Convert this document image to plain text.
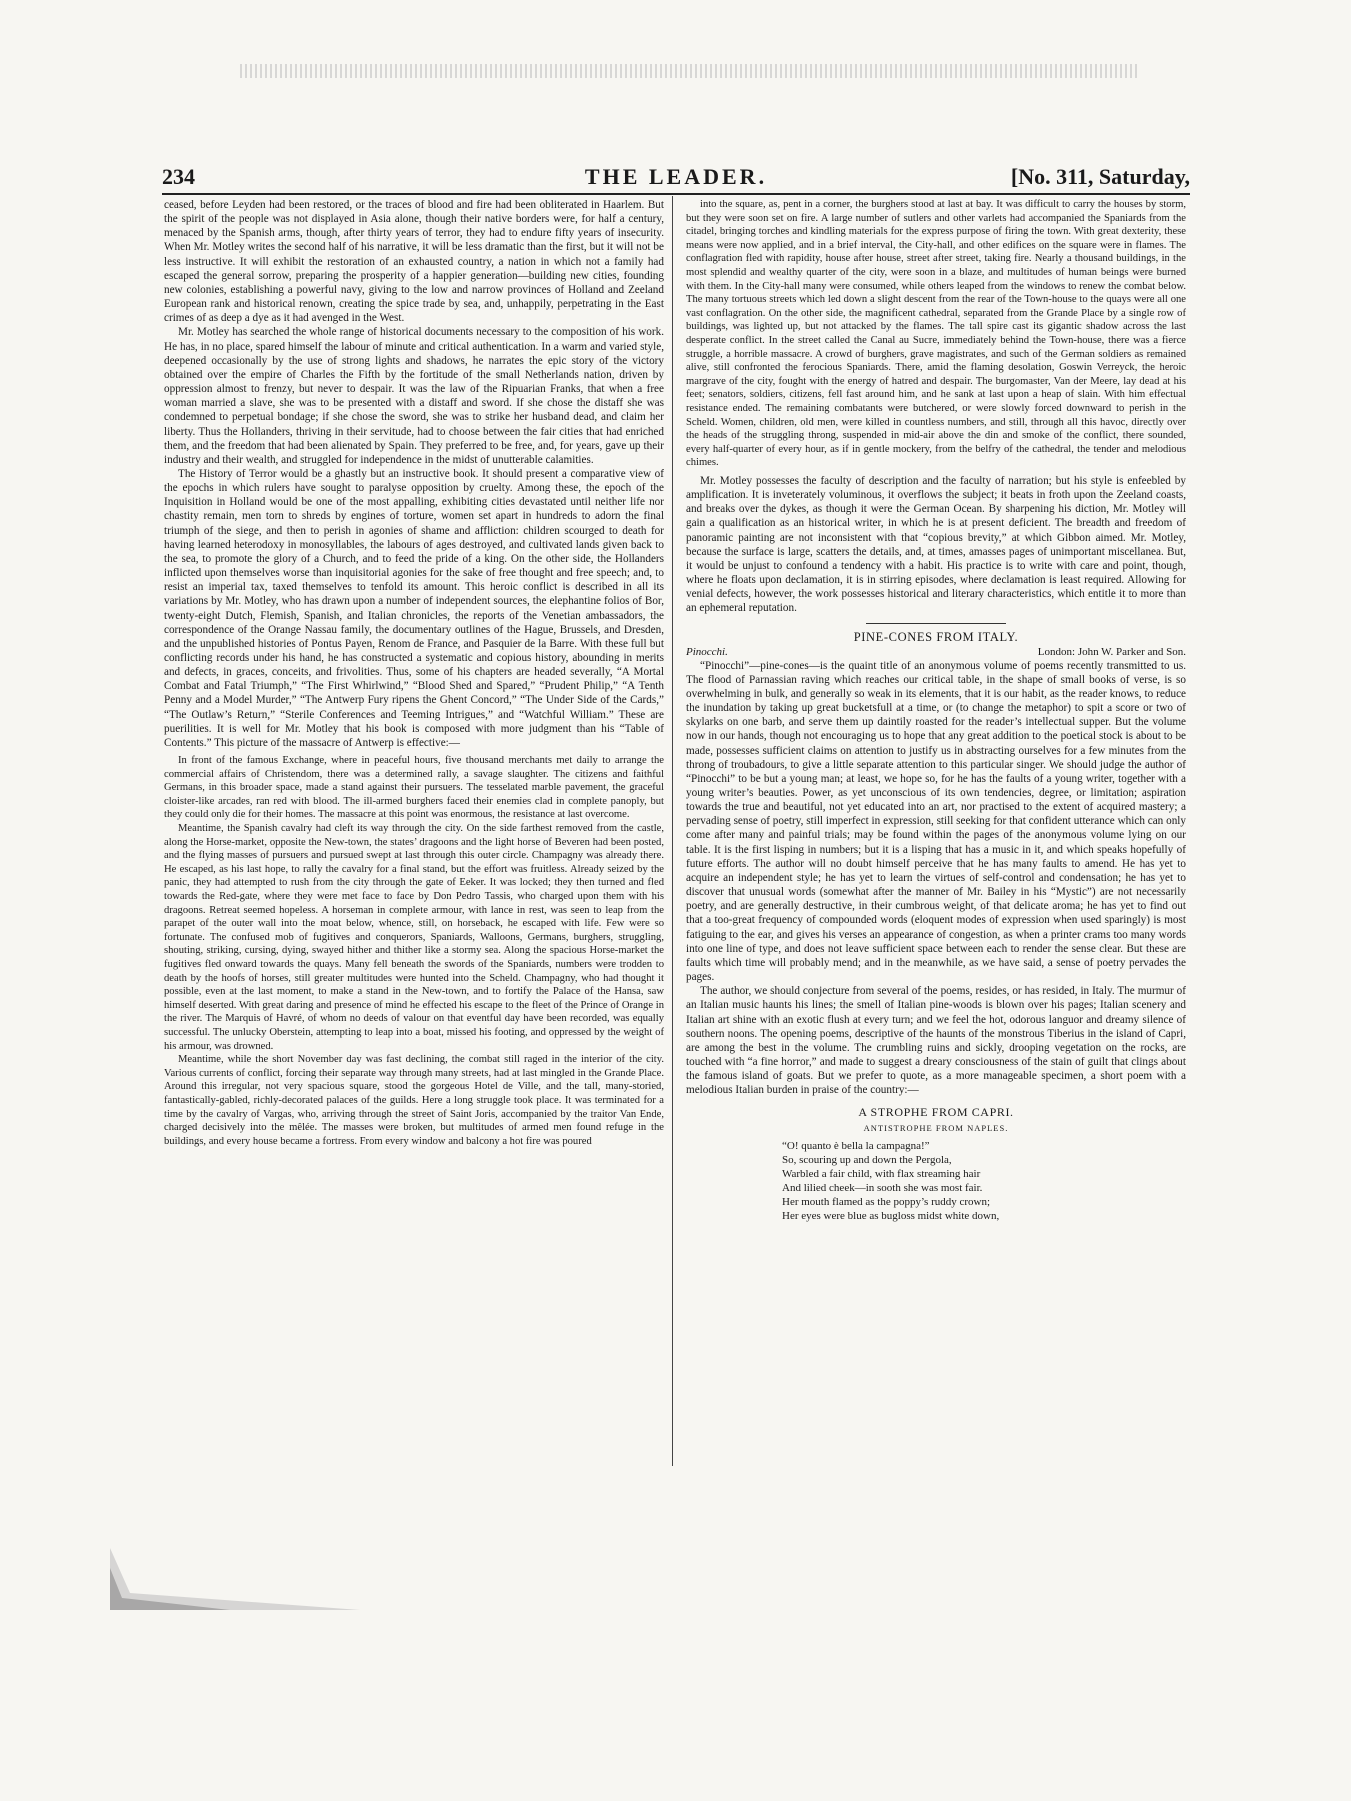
234	THE LEADER.	[No. 311, Saturday,

ceased, before Leyden had been restored, or the traces of blood and fire had been obliterated in Haarlem. But the spirit of the people was not displayed in Asia alone, though their native borders were, for half a century, menaced by the Spanish arms, though, after thirty years of terror, they had to endure fifty years of insecurity. When Mr. Motley writes the second half of his narrative, it will be less dramatic than the first, but it will not be less instructive. It will exhibit the restoration of an exhausted country, a nation in which not a family had escaped the general sorrow, preparing the prosperity of a happier generation—building new cities, founding new colonies, establishing a powerful navy, giving to the low and narrow provinces of Holland and Zeeland European rank and historical renown, creating the spice trade by sea, and, unhappily, perpetrating in the East crimes of as deep a dye as it had avenged in the West.

Mr. Motley has searched the whole range of historical documents necessary to the composition of his work. He has, in no place, spared himself the labour of minute and critical authentication. In a warm and varied style, deepened occasionally by the use of strong lights and shadows, he narrates the epic story of the victory obtained over the empire of Charles the Fifth by the fortitude of the small Netherlands nation, driven by oppression almost to frenzy, but never to despair. It was the law of the Ripuarian Franks, that when a free woman married a slave, she was to be presented with a distaff and sword. If she chose the distaff she was condemned to perpetual bondage; if she chose the sword, she was to strike her husband dead, and claim her liberty. Thus the Hollanders, thriving in their servitude, had to choose between the fair cities that had enriched them, and the freedom that had been alienated by Spain. They preferred to be free, and, for years, gave up their industry and their wealth, and struggled for independence in the midst of unutterable calamities.

The History of Terror would be a ghastly but an instructive book. It should present a comparative view of the epochs in which rulers have sought to paralyse opposition by cruelty. Among these, the epoch of the Inquisition in Holland would be one of the most appalling, exhibiting cities devastated until neither life nor chastity remain, men torn to shreds by engines of torture, women set apart in hundreds to adorn the final triumph of the siege, and then to perish in agonies of shame and affliction: children scourged to death for having learned heterodoxy in monosyllables, the labours of ages destroyed, and cultivated lands given back to the sea, to promote the glory of a Church, and to feed the pride of a king. On the other side, the Hollanders inflicted upon themselves worse than inquisitorial agonies for the sake of free thought and free speech; and, to resist an imperial tax, taxed themselves to tenfold its amount. This heroic conflict is described in all its variations by Mr. Motley, who has drawn upon a number of independent sources, the elephantine folios of Bor, twenty-eight Dutch, Flemish, Spanish, and Italian chronicles, the reports of the Venetian ambassadors, the correspondence of the Orange Nassau family, the documentary outlines of the Hague, Brussels, and Dresden, and the unpublished histories of Pontus Payen, Renom de France, and Pasquier de la Barre. With these full but conflicting records under his hand, he has constructed a systematic and copious history, abounding in merits and defects, in graces, conceits, and frivolities. Thus, some of his chapters are headed severally, “A Mortal Combat and Fatal Triumph,” “The First Whirlwind,” “Blood Shed and Spared,” “Prudent Philip,” “A Tenth Penny and a Model Murder,” “The Antwerp Fury ripens the Ghent Concord,” “The Under Side of the Cards,” “The Outlaw’s Return,” “Sterile Conferences and Teeming Intrigues,” and “Watchful William.” These are puerilities. It is well for Mr. Motley that his book is composed with more judgment than his “Table of Contents.” This picture of the massacre of Antwerp is effective:—

In front of the famous Exchange, where in peaceful hours, five thousand merchants met daily to arrange the commercial affairs of Christendom, there was a determined rally, a savage slaughter. The citizens and faithful Germans, in this broader space, made a stand against their pursuers. The tesselated marble pavement, the graceful cloister-like arcades, ran red with blood. The ill-armed burghers faced their enemies clad in complete panoply, but they could only die for their homes. The massacre at this point was enormous, the resistance at last overcome.

Meantime, the Spanish cavalry had cleft its way through the city. On the side farthest removed from the castle, along the Horse-market, opposite the New-town, the states’ dragoons and the light horse of Beveren had been posted, and the flying masses of pursuers and pursued swept at last through this outer circle. Champagny was already there. He escaped, as his last hope, to rally the cavalry for a final stand, but the effort was fruitless. Already seized by the panic, they had attempted to rush from the city through the gate of Eeker. It was locked; they then turned and fled towards the Red-gate, where they were met face to face by Don Pedro Tassis, who charged upon them with his dragoons. Retreat seemed hopeless. A horseman in complete armour, with lance in rest, was seen to leap from the parapet of the outer wall into the moat below, whence, still, on horseback, he escaped with life. Few were so fortunate. The confused mob of fugitives and conquerors, Spaniards, Walloons, Germans, burghers, struggling, shouting, striking, cursing, dying, swayed hither and thither like a stormy sea. Along the spacious Horse-market the fugitives fled onward towards the quays. Many fell beneath the swords of the Spaniards, numbers were trodden to death by the hoofs of horses, still greater multitudes were hunted into the Scheld. Champagny, who had thought it possible, even at the last moment, to make a stand in the New-town, and to fortify the Palace of the Hansa, saw himself deserted. With great daring and presence of mind he effected his escape to the fleet of the Prince of Orange in the river. The Marquis of Havré, of whom no deeds of valour on that eventful day have been recorded, was equally successful. The unlucky Oberstein, attempting to leap into a boat, missed his footing, and oppressed by the weight of his armour, was drowned.

Meantime, while the short November day was fast declining, the combat still raged in the interior of the city. Various currents of conflict, forcing their separate way through many streets, had at last mingled in the Grande Place. Around this irregular, not very spacious square, stood the gorgeous Hotel de Ville, and the tall, many-storied, fantastically-gabled, richly-decorated palaces of the guilds. Here a long struggle took place. It was terminated for a time by the cavalry of Vargas, who, arriving through the street of Saint Joris, accompanied by the traitor Van Ende, charged decisively into the mêlée. The masses were broken, but multitudes of armed men found refuge in the buildings, and every house became a fortress. From every window and balcony a hot fire was poured

into the square, as, pent in a corner, the burghers stood at last at bay. It was difficult to carry the houses by storm, but they were soon set on fire. A large number of sutlers and other varlets had accompanied the Spaniards from the citadel, bringing torches and kindling materials for the express purpose of firing the town. With great dexterity, these means were now applied, and in a brief interval, the City-hall, and other edifices on the square were in flames. The conflagration fled with rapidity, house after house, street after street, taking fire. Nearly a thousand buildings, in the most splendid and wealthy quarter of the city, were soon in a blaze, and multitudes of human beings were burned with them. In the City-hall many were consumed, while others leaped from the windows to renew the combat below. The many tortuous streets which led down a slight descent from the rear of the Town-house to the quays were all one vast conflagration. On the other side, the magnificent cathedral, separated from the Grande Place by a single row of buildings, was lighted up, but not attacked by the flames. The tall spire cast its gigantic shadow across the last desperate conflict. In the street called the Canal au Sucre, immediately behind the Town-house, there was a fierce struggle, a horrible massacre. A crowd of burghers, grave magistrates, and such of the German soldiers as remained alive, still confronted the ferocious Spaniards. There, amid the flaming desolation, Goswin Verreyck, the heroic margrave of the city, fought with the energy of hatred and despair. The burgomaster, Van der Meere, lay dead at his feet; senators, soldiers, citizens, fell fast around him, and he sank at last upon a heap of slain. With him effectual resistance ended. The remaining combatants were butchered, or were slowly forced downward to perish in the Scheld. Women, children, old men, were killed in countless numbers, and still, through all this havoc, directly over the heads of the struggling throng, suspended in mid-air above the din and smoke of the conflict, there sounded, every half-quarter of every hour, as if in gentle mockery, from the belfry of the cathedral, the tender and melodious chimes.

Mr. Motley possesses the faculty of description and the faculty of narration; but his style is enfeebled by amplification. It is inveterately voluminous, it overflows the subject; it beats in froth upon the Zeeland coasts, and breaks over the dykes, as though it were the German Ocean. By sharpening his diction, Mr. Motley will gain a qualification as an historical writer, in which he is at present deficient. The breadth and freedom of panoramic painting are not inconsistent with that “copious brevity,” at which Gibbon aimed. Mr. Motley, because the surface is large, scatters the details, and, at times, amasses pages of unimportant miscellanea. But, it would be unjust to confound a tendency with a habit. His practice is to write with care and point, though, where he floats upon declamation, it is in stirring episodes, where declamation is least required. Allowing for venial defects, however, the work possesses historical and literary characteristics, which entitle it to more than an ephemeral reputation.

PINE-CONES FROM ITALY.
Pinocchi.	London: John W. Parker and Son.

“Pinocchi”—pine-cones—is the quaint title of an anonymous volume of poems recently transmitted to us. The flood of Parnassian raving which reaches our critical table, in the shape of small books of verse, is so overwhelming in bulk, and generally so weak in its elements, that it is our habit, as the reader knows, to reduce the inundation by taking up great bucketsfull at a time, or (to change the metaphor) to spit a score or two of skylarks on one barb, and serve them up daintily roasted for the reader’s intellectual supper. But the volume now in our hands, though not encouraging us to hope that any great addition to the poetical stock is about to be made, possesses sufficient claims on attention to justify us in abstracting ourselves for a few minutes from the throng of troubadours, to give a little separate attention to this particular singer. We should judge the author of “Pinocchi” to be but a young man; at least, we hope so, for he has the faults of a young writer, together with a young writer’s beauties. Power, as yet unconscious of its own tendencies, degree, or limitation; aspiration towards the true and beautiful, not yet educated into an art, nor practised to the extent of acquired mastery; a pervading sense of poetry, still imperfect in expression, still seeking for that confident utterance which can only come after many and painful trials; may be found within the pages of the anonymous volume lying on our table. It is the first lisping in numbers; but it is a lisping that has a music in it, and which speaks hopefully of future efforts. The author will no doubt himself perceive that he has many faults to amend. He has yet to acquire an independent style; he has yet to learn the virtues of self-control and condensation; he has yet to discover that unusual words (somewhat after the manner of Mr. Bailey in his “Mystic”) are not necessarily poetry, and are generally destructive, in their cumbrous weight, of that delicate aroma; he has yet to find out that a too-great frequency of compounded words (eloquent modes of expression when used sparingly) is most fatiguing to the ear, and gives his verses an appearance of congestion, as when a printer crams too many words into one line of type, and does not leave sufficient space between each to render the sense clear. But these are faults which time will probably mend; and in the meanwhile, as we have said, a sense of poetry pervades the pages.

The author, we should conjecture from several of the poems, resides, or has resided, in Italy. The murmur of an Italian music haunts his lines; the smell of Italian pine-woods is blown over his pages; Italian scenery and Italian art shine with an exotic flush at every turn; and we feel the hot, odorous languor and dreamy silence of southern noons. The opening poems, descriptive of the haunts of the monstrous Tiberius in the island of Capri, are among the best in the volume. The crumbling ruins and sickly, drooping vegetation on the rocks, are touched with “a fine horror,” and made to suggest a dreary consciousness of the stain of guilt that clings about the famous island of goats. But we prefer to quote, as a more manageable specimen, a short poem with a melodious Italian burden in praise of the country:—

A STROPHE FROM CAPRI.
ANTISTROPHE FROM NAPLES.
“O! quanto è bella la campagna!”
So, scouring up and down the Pergola,
Warbled a fair child, with flax streaming hair
And lilied cheek—in sooth she was most fair.
Her mouth flamed as the poppy’s ruddy crown;
Her eyes were blue as bugloss midst white down,
